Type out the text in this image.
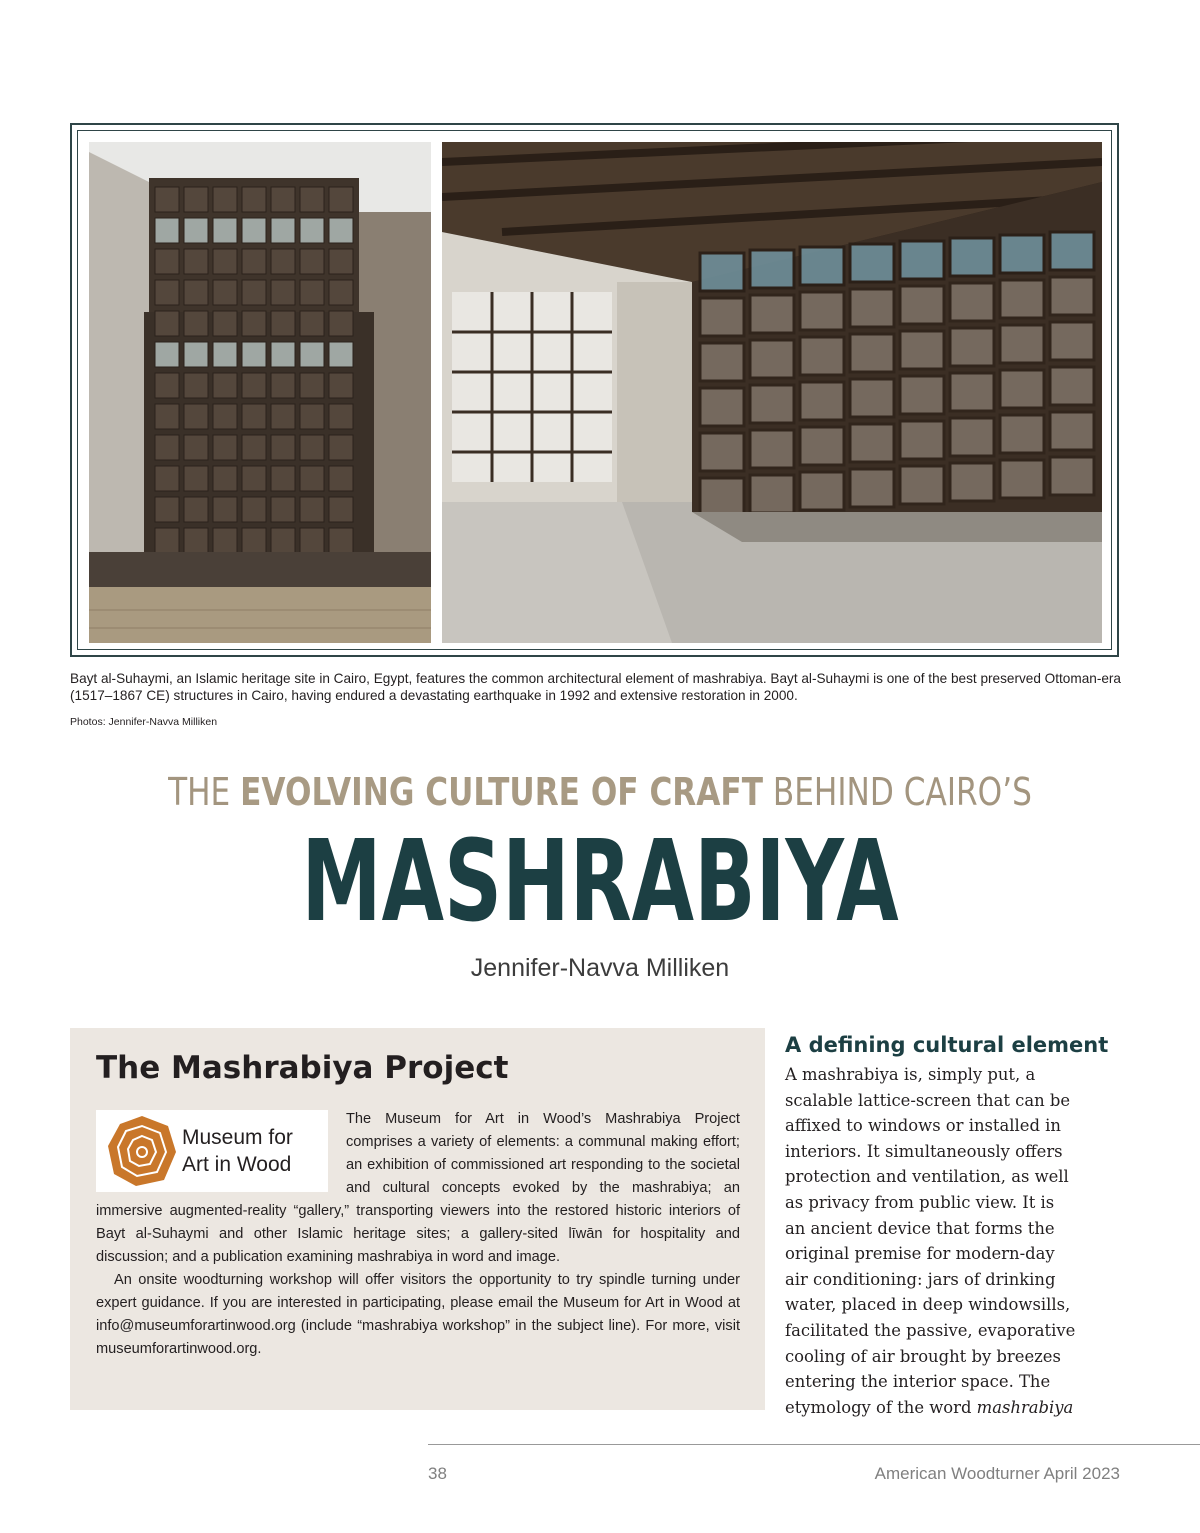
Bayt al-Suhaymi, an Islamic heritage site in Cairo, Egypt, features the common architectural element of mashrabiya. Bayt al-Suhaymi is one of the best preserved Ottoman-era (1517–1867 CE) structures in Cairo, having endured a devastating earthquake in 1992 and extensive restoration in 2000.
Photos: Jennifer-Navva Milliken
THE EVOLVING CULTURE OF CRAFT BEHIND CAIRO’S
MASHRABIYA
Jennifer-Navva Milliken
The Mashrabiya Project

The Museum for Art in Wood’s Mashrabiya Project comprises a variety of elements: a communal making effort; an exhibition of commissioned art responding to the societal and cultural concepts evoked by the mashrabiya; an immersive augmented-reality “gallery,” transporting viewers into the restored historic interiors of Bayt al-Suhaymi and other Islamic heritage sites; a gallery-sited līwān for hospitality and discussion; and a publication examining mashrabiya in word and image.

An onsite woodturning workshop will offer visitors the opportunity to try spindle turning under expert guidance. If you are interested in participating, please email the Museum for Art in Wood at info@museumforartinwood.org (include “mashrabiya workshop” in the subject line). For more, visit museumforartinwood.org.

Museum for
Art in Wood
A defining cultural element
A mashrabiya is, simply put, a
scalable lattice-screen that can be
affixed to windows or installed in
interiors. It simultaneously offers
protection and ventilation, as well
as privacy from public view. It is
an ancient device that forms the
original premise for modern-day
air conditioning: jars of drinking
water, placed in deep windowsills,
facilitated the passive, evaporative
cooling of air brought by breezes
entering the interior space. The
etymology of the word mashrabiya
38	American Woodturner April 2023
